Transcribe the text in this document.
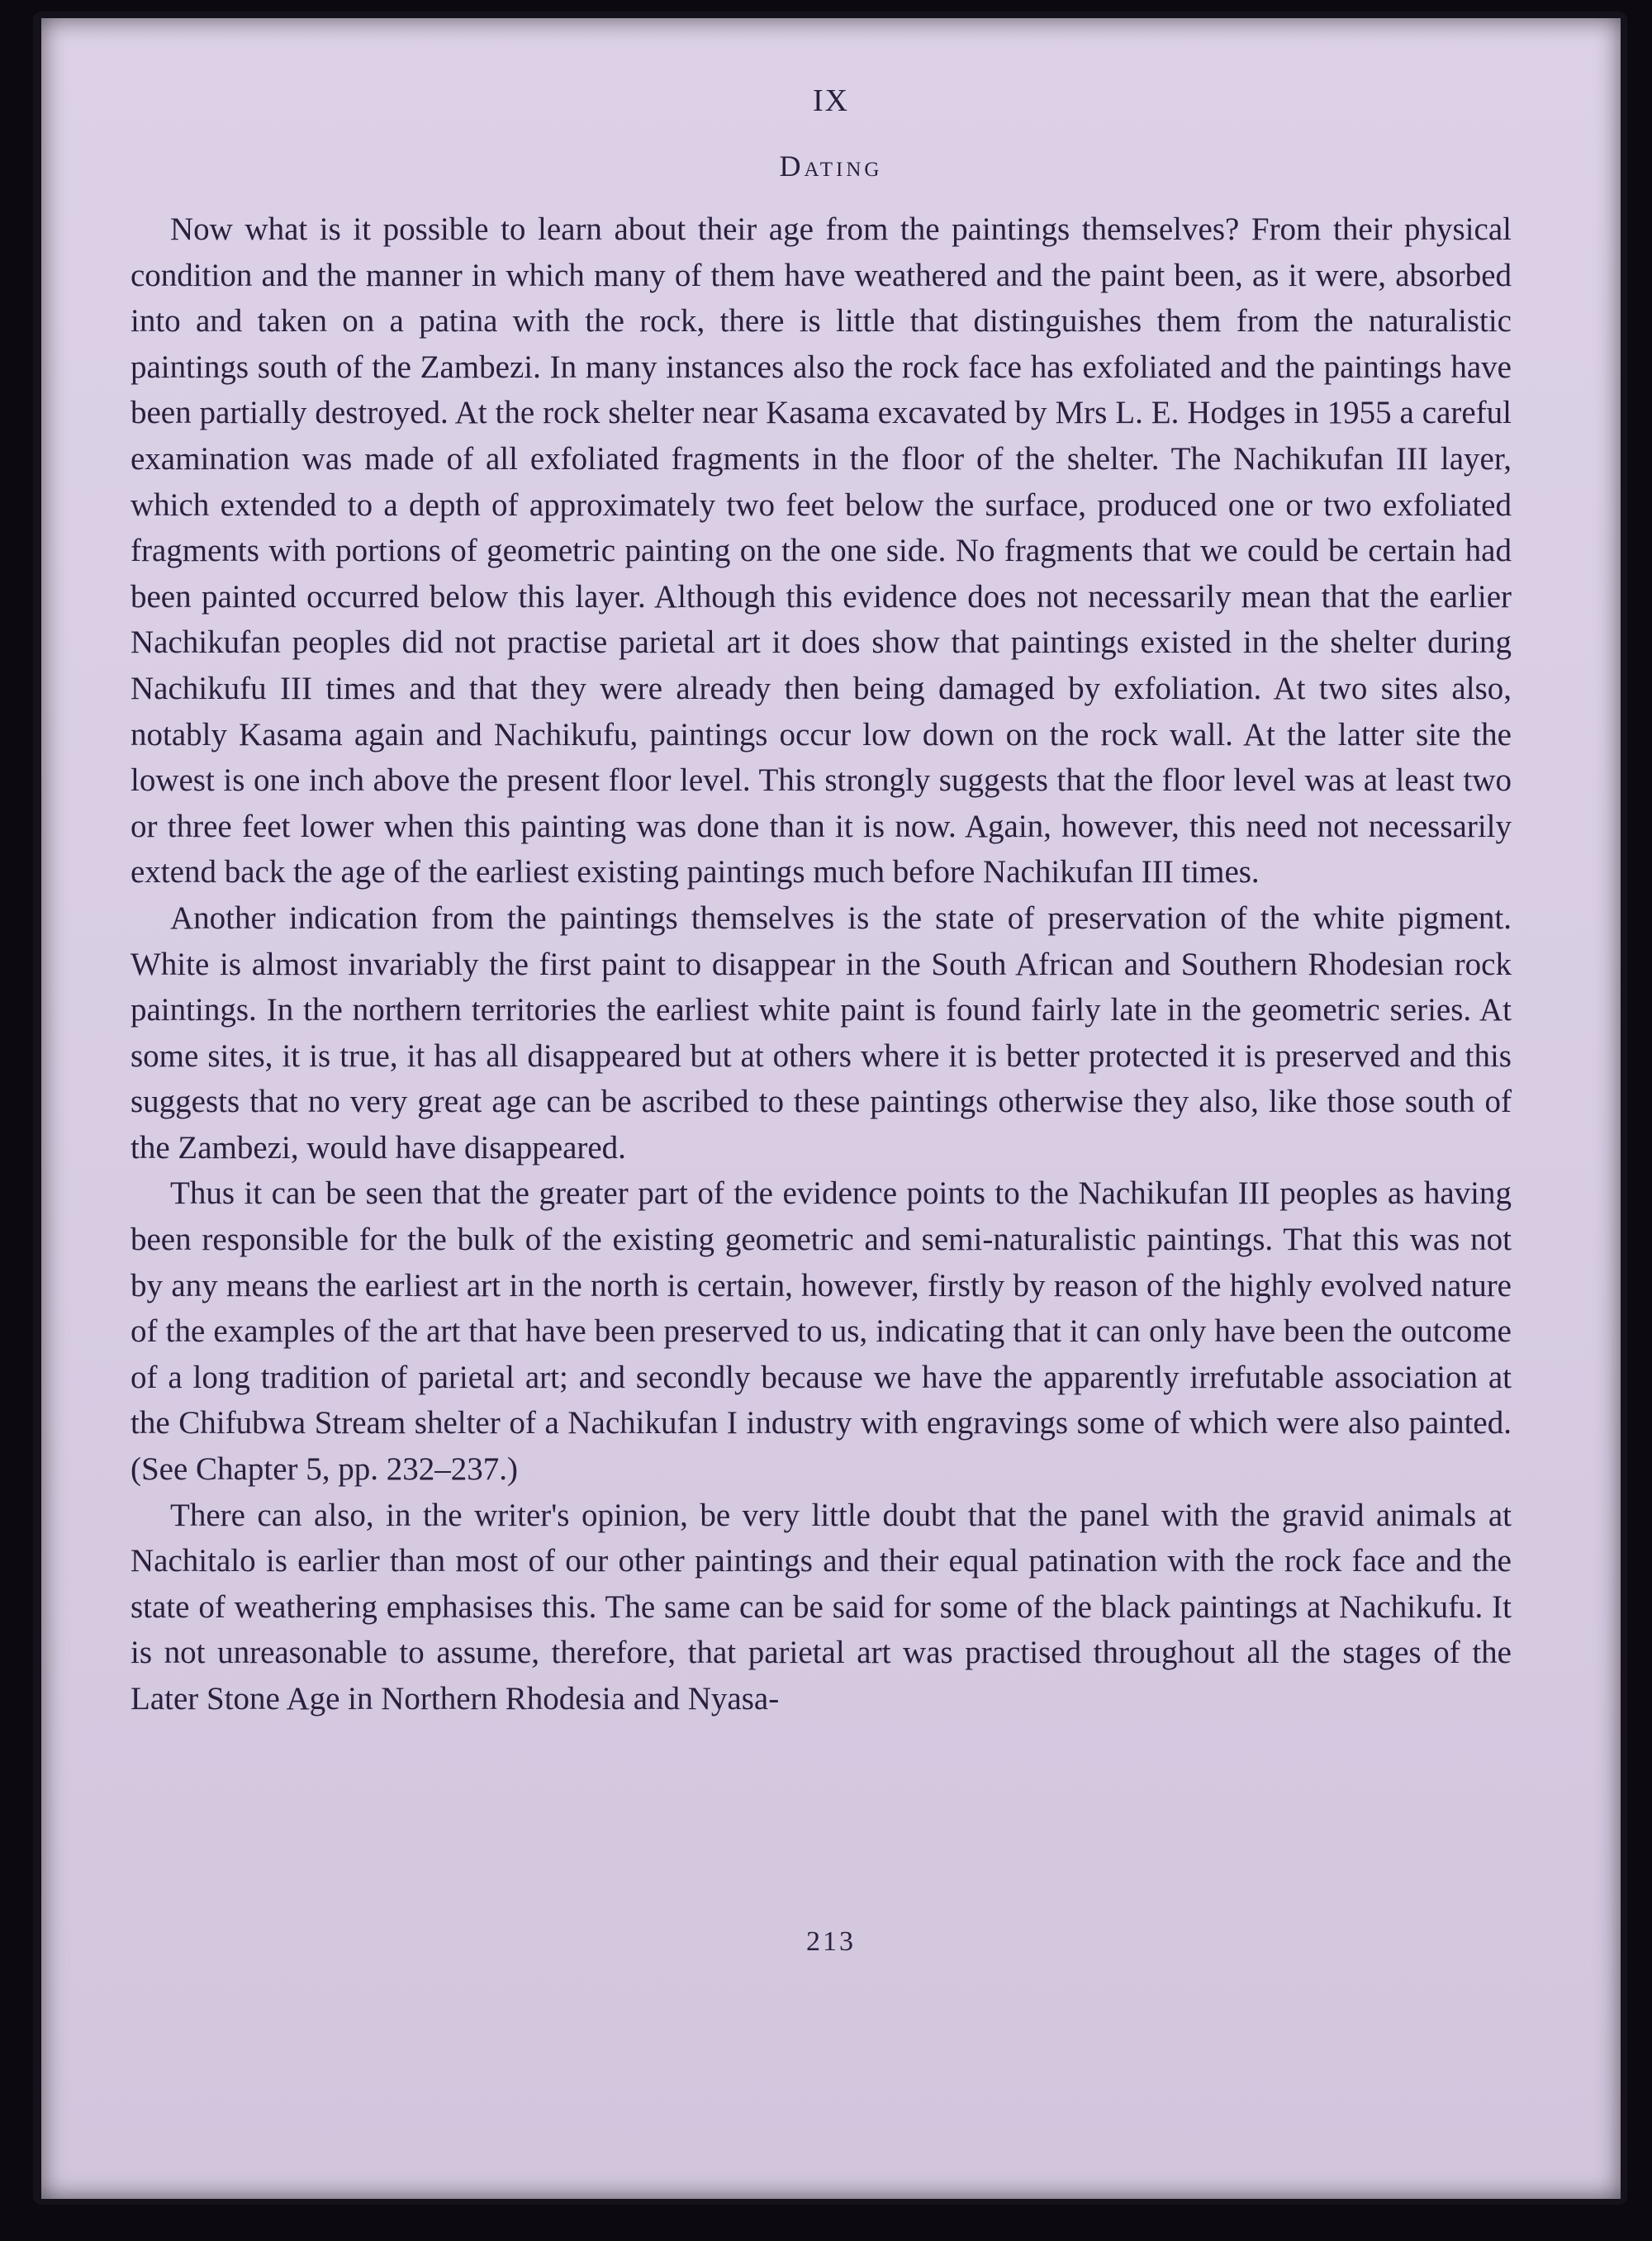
IX
Dating

Now what is it possible to learn about their age from the paintings themselves? From their physical condition and the manner in which many of them have weathered and the paint been, as it were, absorbed into and taken on a patina with the rock, there is little that distinguishes them from the naturalistic paintings south of the Zambezi. In many instances also the rock face has exfoliated and the paintings have been partially destroyed. At the rock shelter near Kasama excavated by Mrs L. E. Hodges in 1955 a careful examination was made of all exfoliated fragments in the floor of the shelter. The Nachikufan III layer, which extended to a depth of approximately two feet below the surface, produced one or two exfoliated fragments with portions of geometric painting on the one side. No fragments that we could be certain had been painted occurred below this layer. Although this evidence does not necessarily mean that the earlier Nachikufan peoples did not practise parietal art it does show that paintings existed in the shelter during Nachikufu III times and that they were already then being damaged by exfoliation. At two sites also, notably Kasama again and Nachikufu, paintings occur low down on the rock wall. At the latter site the lowest is one inch above the present floor level. This strongly suggests that the floor level was at least two or three feet lower when this painting was done than it is now. Again, however, this need not necessarily extend back the age of the earliest existing paintings much before Nachikufan III times.

Another indication from the paintings themselves is the state of preservation of the white pigment. White is almost invariably the first paint to disappear in the South African and Southern Rhodesian rock paintings. In the northern territories the earliest white paint is found fairly late in the geometric series. At some sites, it is true, it has all disappeared but at others where it is better protected it is preserved and this suggests that no very great age can be ascribed to these paintings otherwise they also, like those south of the Zambezi, would have disappeared.

Thus it can be seen that the greater part of the evidence points to the Nachikufan III peoples as having been responsible for the bulk of the existing geometric and semi-naturalistic paintings. That this was not by any means the earliest art in the north is certain, however, firstly by reason of the highly evolved nature of the examples of the art that have been preserved to us, indicating that it can only have been the outcome of a long tradition of parietal art; and secondly because we have the apparently irrefutable association at the Chifubwa Stream shelter of a Nachikufan I industry with engravings some of which were also painted. (See Chapter 5, pp. 232–237.)

There can also, in the writer's opinion, be very little doubt that the panel with the gravid animals at Nachitalo is earlier than most of our other paintings and their equal patination with the rock face and the state of weathering emphasises this. The same can be said for some of the black paintings at Nachikufu. It is not unreasonable to assume, therefore, that parietal art was practised throughout all the stages of the Later Stone Age in Northern Rhodesia and Nyasa-

213
